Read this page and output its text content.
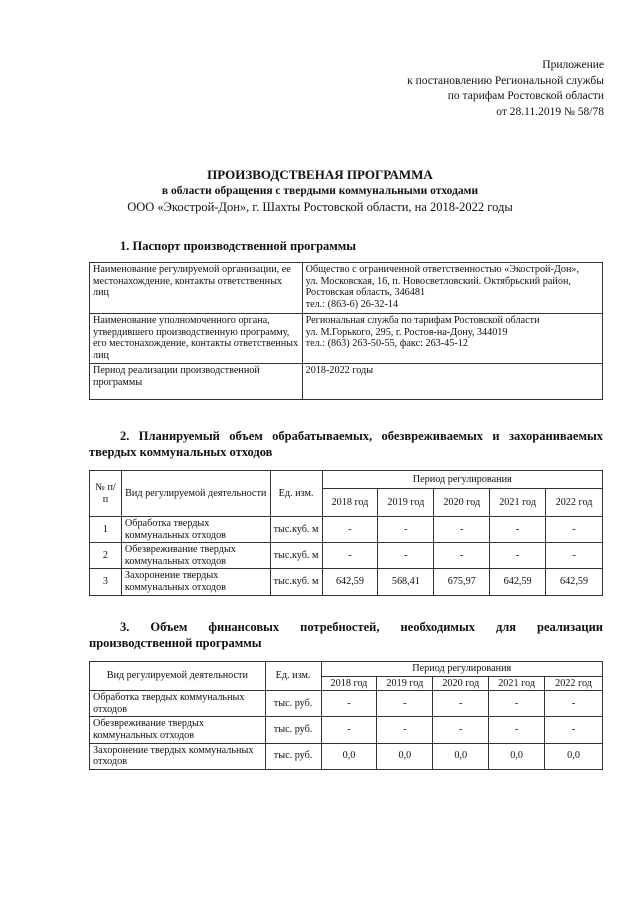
Приложение
к постановлению Региональной службы
по тарифам Ростовской области
от 28.11.2019 № 58/78
ПРОИЗВОДСТВЕНАЯ ПРОГРАММА
в области обращения с твердыми коммунальными отходами
ООО «Экострой-Дон», г. Шахты Ростовской области, на 2018-2022 годы
1. Паспорт производственной программы
Наименование регулируемой организации, ее местонахождение, контакты ответственных лиц	Общество с ограниченной ответственностью «Экострой-Дон»,
ул. Московская, 16, п. Новосветловский. Октябрьский район,
Ростовская область, 346481
тел.: (863-6) 26-32-14

Наименование уполномоченного органа, утвердившего производственную программу, его местонахождение, контакты ответственных лиц	Региональная служба по тарифам Ростовской области
ул. М.Горького, 295, г. Ростов-на-Дону, 344019
тел.: (863) 263-50-55, факс: 263-45-12

Период реализации производственной программы	2018-2022 годы
2. Планируемый объем обрабатываемых, обезвреживаемых и захораниваемых
твердых коммунальных отходов
№ п/п	Вид регулируемой деятельности	Ед. изм.	Период регулирования				
			2018 год	2019 год	2020 год	2021 год	2022 год
1	Обработка твердых коммунальных отходов	тыс.куб. м	-	-	-	-	-
2	Обезвреживание твердых коммунальных отходов	тыс.куб. м	-	-	-	-	-
3	Захоронение твердых коммунальных отходов	тыс.куб. м	642,59	568,41	675,97	642,59	642,59
3. Объем финансовых потребностей, необходимых для реализации
производственной программы
Вид регулируемой деятельности	Ед. изм.	Период регулирования				
		2018 год	2019 год	2020 год	2021 год	2022 год
Обработка твердых коммунальных отходов	тыс. руб.	-	-	-	-	-
Обезвреживание твердых коммунальных отходов	тыс. руб.	-	-	-	-	-
Захоронение твердых коммунальных отходов	тыс. руб.	0,0	0,0	0,0	0,0	0,0
